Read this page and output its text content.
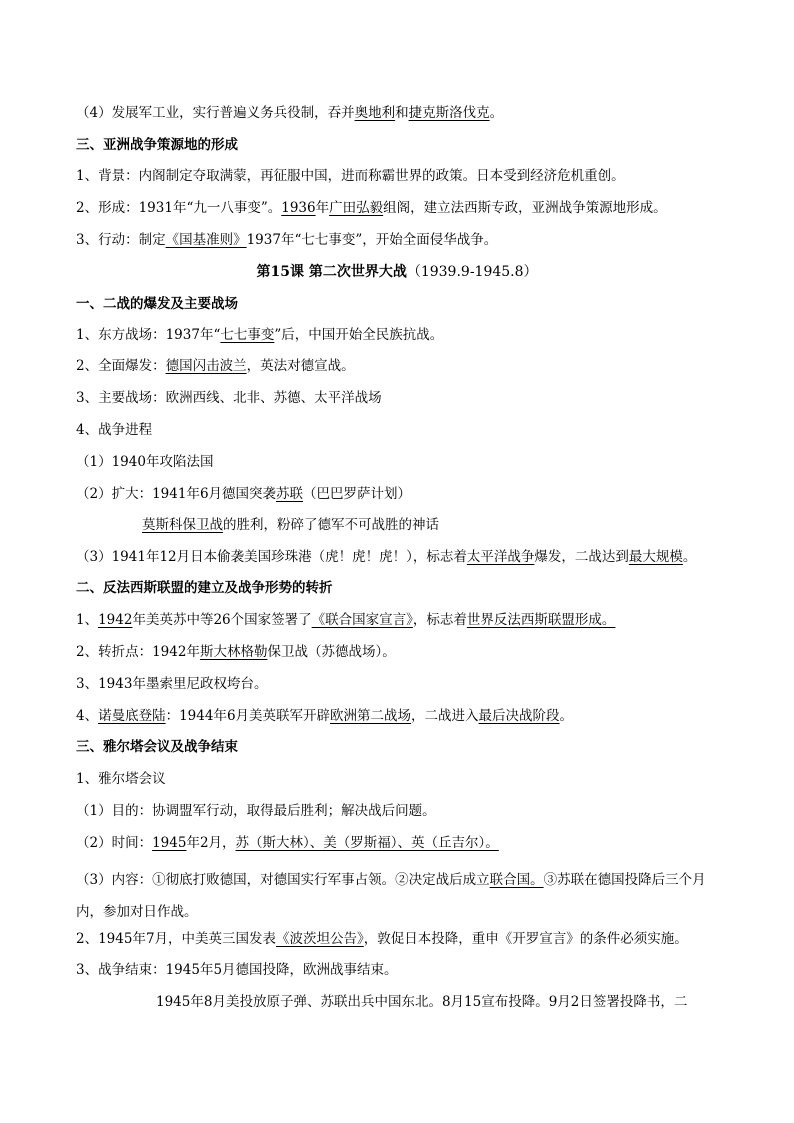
（4）发展军工业，实行普遍义务兵役制，吞并奥地利和捷克斯洛伐克。
三、亚洲战争策源地的形成
1、背景：内阁制定夺取满蒙，再征服中国，进而称霸世界的政策。日本受到经济危机重创。
2、形成：1931年“九一八事变”。1936年广田弘毅组阁，建立法西斯专政，亚洲战争策源地形成。
3、行动：制定《国基准则》1937年“七七事变”，开始全面侵华战争。
第15课 第二次世界大战（1939.9-1945.8）
一、二战的爆发及主要战场
1、东方战场：1937年“七七事变”后，中国开始全民族抗战。
2、全面爆发：德国闪击波兰，英法对德宣战。
3、主要战场：欧洲西线、北非、苏德、太平洋战场
4、战争进程
（1）1940年攻陷法国
（2）扩大：1941年6月德国突袭苏联（巴巴罗萨计划）
莫斯科保卫战的胜利，粉碎了德军不可战胜的神话
（3）1941年12月日本偷袭美国珍珠港（虎！虎！虎！），标志着太平洋战争爆发，二战达到最大规模。
二、反法西斯联盟的建立及战争形势的转折
1、1942年美英苏中等26个国家签署了《联合国家宣言》，标志着世界反法西斯联盟形成。
2、转折点：1942年斯大林格勒保卫战（苏德战场）。
3、1943年墨索里尼政权垮台。
4、诺曼底登陆：1944年6月美英联军开辟欧洲第二战场，二战进入最后决战阶段。
三、雅尔塔会议及战争结束
1、雅尔塔会议
（1）目的：协调盟军行动，取得最后胜利；解决战后问题。
（2）时间：1945年2月，苏（斯大林）、美（罗斯福）、英（丘吉尔）。
（3）内容：①彻底打败德国，对德国实行军事占领。②决定战后成立联合国。③苏联在德国投降后三个月内，参加对日作战。
2、1945年7月，中美英三国发表《波茨坦公告》，敦促日本投降，重申《开罗宣言》的条件必须实施。
3、战争结束：1945年5月德国投降，欧洲战事结束。
1945年8月美投放原子弹、苏联出兵中国东北。8月15宣布投降。9月2日签署投降书，二
